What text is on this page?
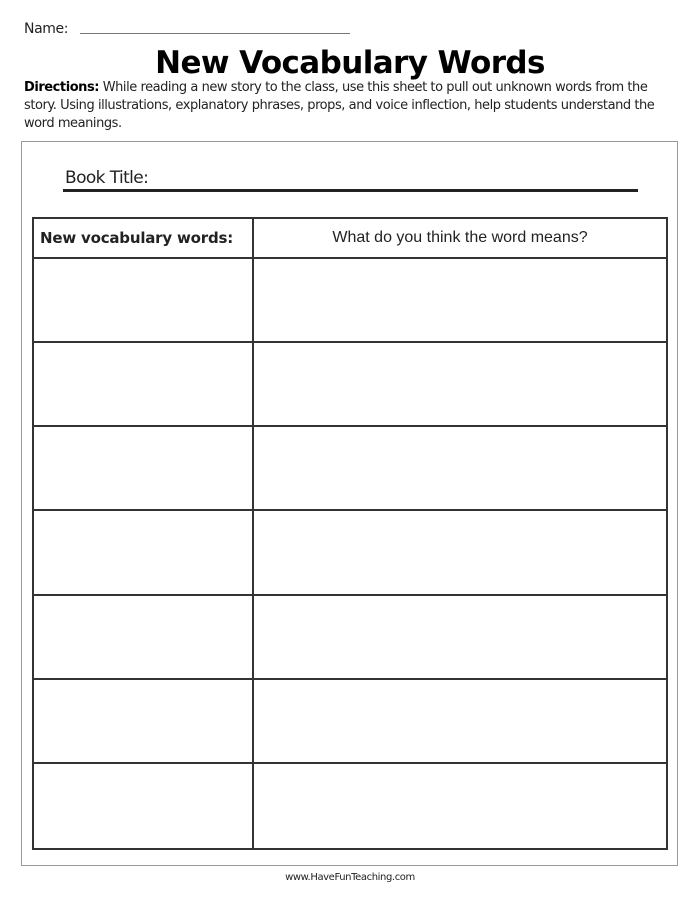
Name:
New Vocabulary Words
Directions: While reading a new story to the class, use this sheet to pull out unknown words from the story. Using illustrations, explanatory phrases, props, and voice inflection, help students understand the word meanings.
Book Title:
New vocabulary words:	What do you think the word means?
www.HaveFunTeaching.com
